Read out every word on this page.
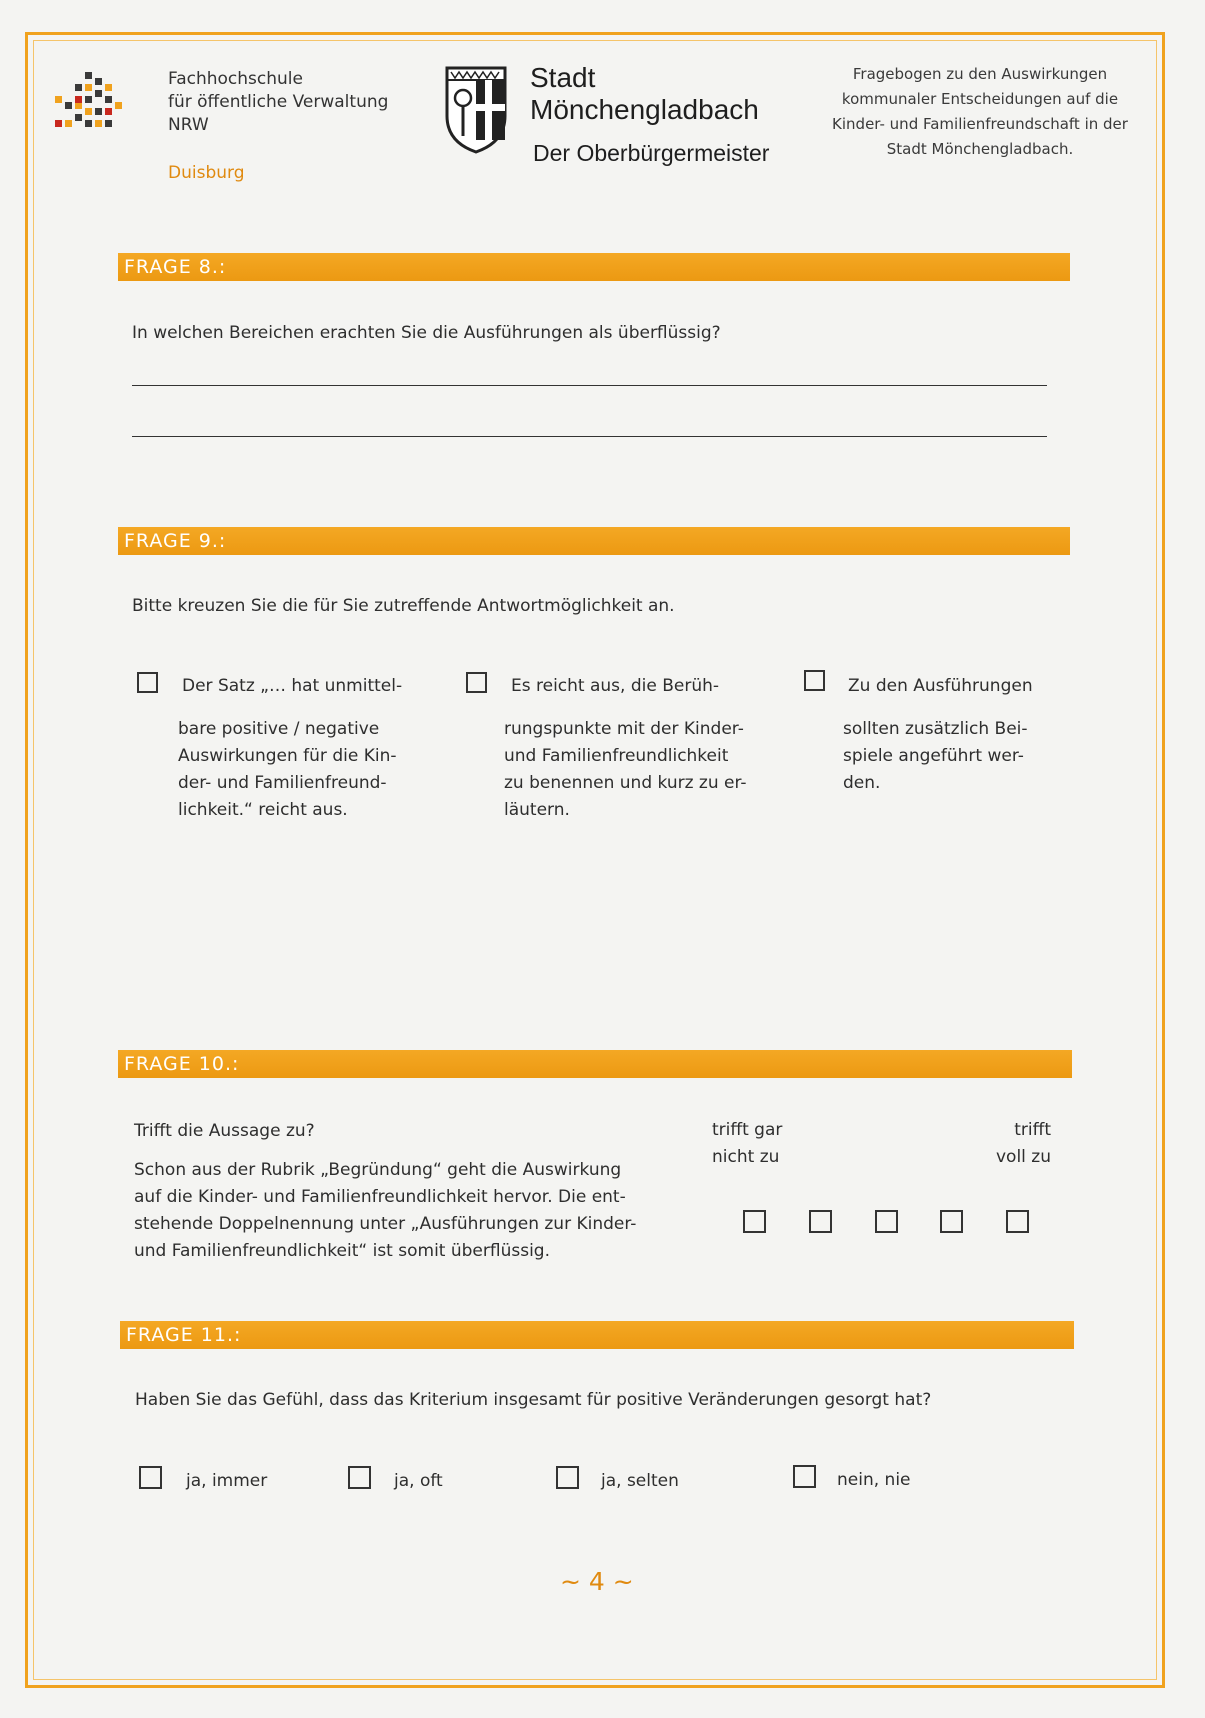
Fachhochschule
für öffentliche Verwaltung
NRW
Duisburg
Stadt
Mönchengladbach
Der Oberbürgermeister
Fragebogen zu den Auswirkungen kommunaler Entscheidungen auf die Kinder- und Familienfreundschaft in der Stadt Mönchengladbach.
FRAGE 8.:
In welchen Bereichen erachten Sie die Ausführungen als überflüssig?
FRAGE 9.:
Bitte kreuzen Sie die für Sie zutreffende Antwortmöglichkeit an.
Der Satz „… hat unmittel-
bare positive / negative
Auswirkungen für die Kin-
der- und Familienfreund-
lichkeit.“ reicht aus.
Es reicht aus, die Berüh-
rungspunkte mit der Kinder-
und Familienfreundlichkeit
zu benennen und kurz zu er-
läutern.
Zu den Ausführungen
sollten zusätzlich Bei-
spiele angeführt wer-
den.
FRAGE 10.:
Trifft die Aussage zu?
Schon aus der Rubrik „Begründung“ geht die Auswirkung
auf die Kinder- und Familienfreundlichkeit hervor. Die ent-
stehende Doppelnennung unter „Ausführungen zur Kinder-
und Familienfreundlichkeit“ ist somit überflüssig.
trifft gar
nicht zu
trifft
voll zu
FRAGE 11.:
Haben Sie das Gefühl, dass das Kriterium insgesamt für positive Veränderungen gesorgt hat?
ja, immer	ja, oft	ja, selten	nein, nie
~ 4 ~
